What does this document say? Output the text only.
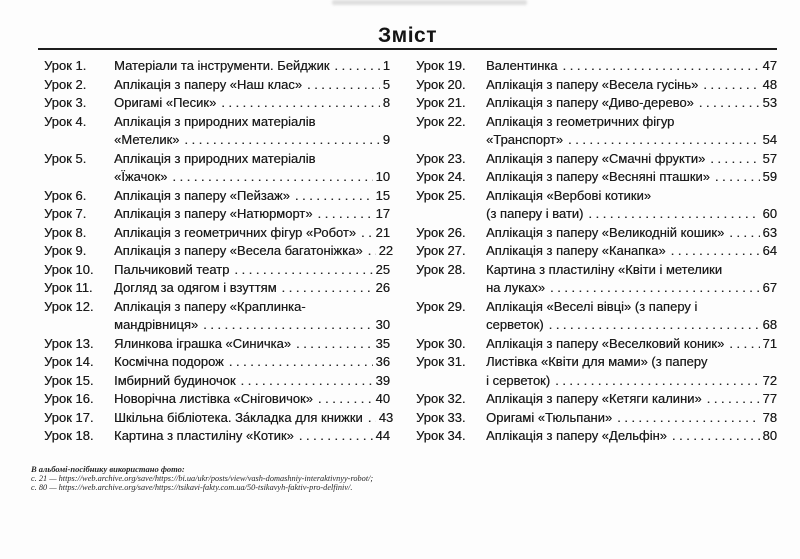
Зміст
Урок 1.	Матеріали та інструменти. Бейджик .....	1
Урок 2.	Аплікація з паперу «Наш клас» .....	5
Урок 3.	Оригамі «Песик» .....	8
Урок 4.	Аплікація з природних матеріалів
«Метелик» .....	9
Урок 5.	Аплікація з природних матеріалів
«Їжачок» .....	10
Урок 6.	Аплікація з паперу «Пейзаж» .....	15
Урок 7.	Аплікація з паперу «Натюрморт» .....	17
Урок 8.	Аплікація з геометричних фігур «Робот» ..... 21
Урок 9.	Аплікація з паперу «Весела багатоніжка» ..... 22
Урок 10.	Пальчиковий театр .....	25
Урок 11.	Догляд за одягом і взуттям .....	26
Урок 12.	Аплікація з паперу «Краплинка-
мандрівниця» .....	30
Урок 13.	Ялинкова іграшка «Синичка» .....	35
Урок 14.	Космічна подорож .....	36
Урок 15.	Імбирний будиночок .....	39
Урок 16.	Новорічна листівка «Сніговичок» .....	40
Урок 17.	Шкільна бібліотека. За́кладка для книжки ..... 43
Урок 18.	Картина з пластиліну «Котик» .....	44
Урок 19.	Валентинка .....	47
Урок 20.	Аплікація з паперу «Весела гусінь» .....	48
Урок 21.	Аплікація з паперу «Диво-дерево» .....	53
Урок 22.	Аплікація з геометричних фігур
«Транспорт» .....	54
Урок 23.	Аплікація з паперу «Смачні фрукти» .....	57
Урок 24.	Аплікація з паперу «Весняні пташки» .....	59
Урок 25.	Аплікація «Вербові котики»
(з паперу і вати) .....	60
Урок 26.	Аплікація з паперу «Великодній кошик» .....	63
Урок 27.	Аплікація з паперу «Канапка» .....	64
Урок 28.	Картина з пластиліну «Квіти і метелики
на луках» .....	67
Урок 29.	Аплікація «Веселі вівці» (з паперу і
серветок) .....	68
Урок 30.	Аплікація з паперу «Веселковий коник» .....	71
Урок 31.	Листівка «Квіти для мами» (з паперу
і серветок) .....	72
Урок 32.	Аплікація з паперу «Кетяги калини» .....	77
Урок 33.	Оригамі «Тюльпани» .....	78
Урок 34.	Аплікація з паперу «Дельфін» .....	80
В альбомі-посібнику використано фото:
с. 21 — https://web.archive.org/save/https://bi.ua/ukr/posts/view/vash-domashniy-interaktivnyy-robot/;
с. 80 — https://web.archive.org/save/https://tsikavi-fakty.com.ua/50-tsikavyh-faktiv-pro-delfiniv/.
